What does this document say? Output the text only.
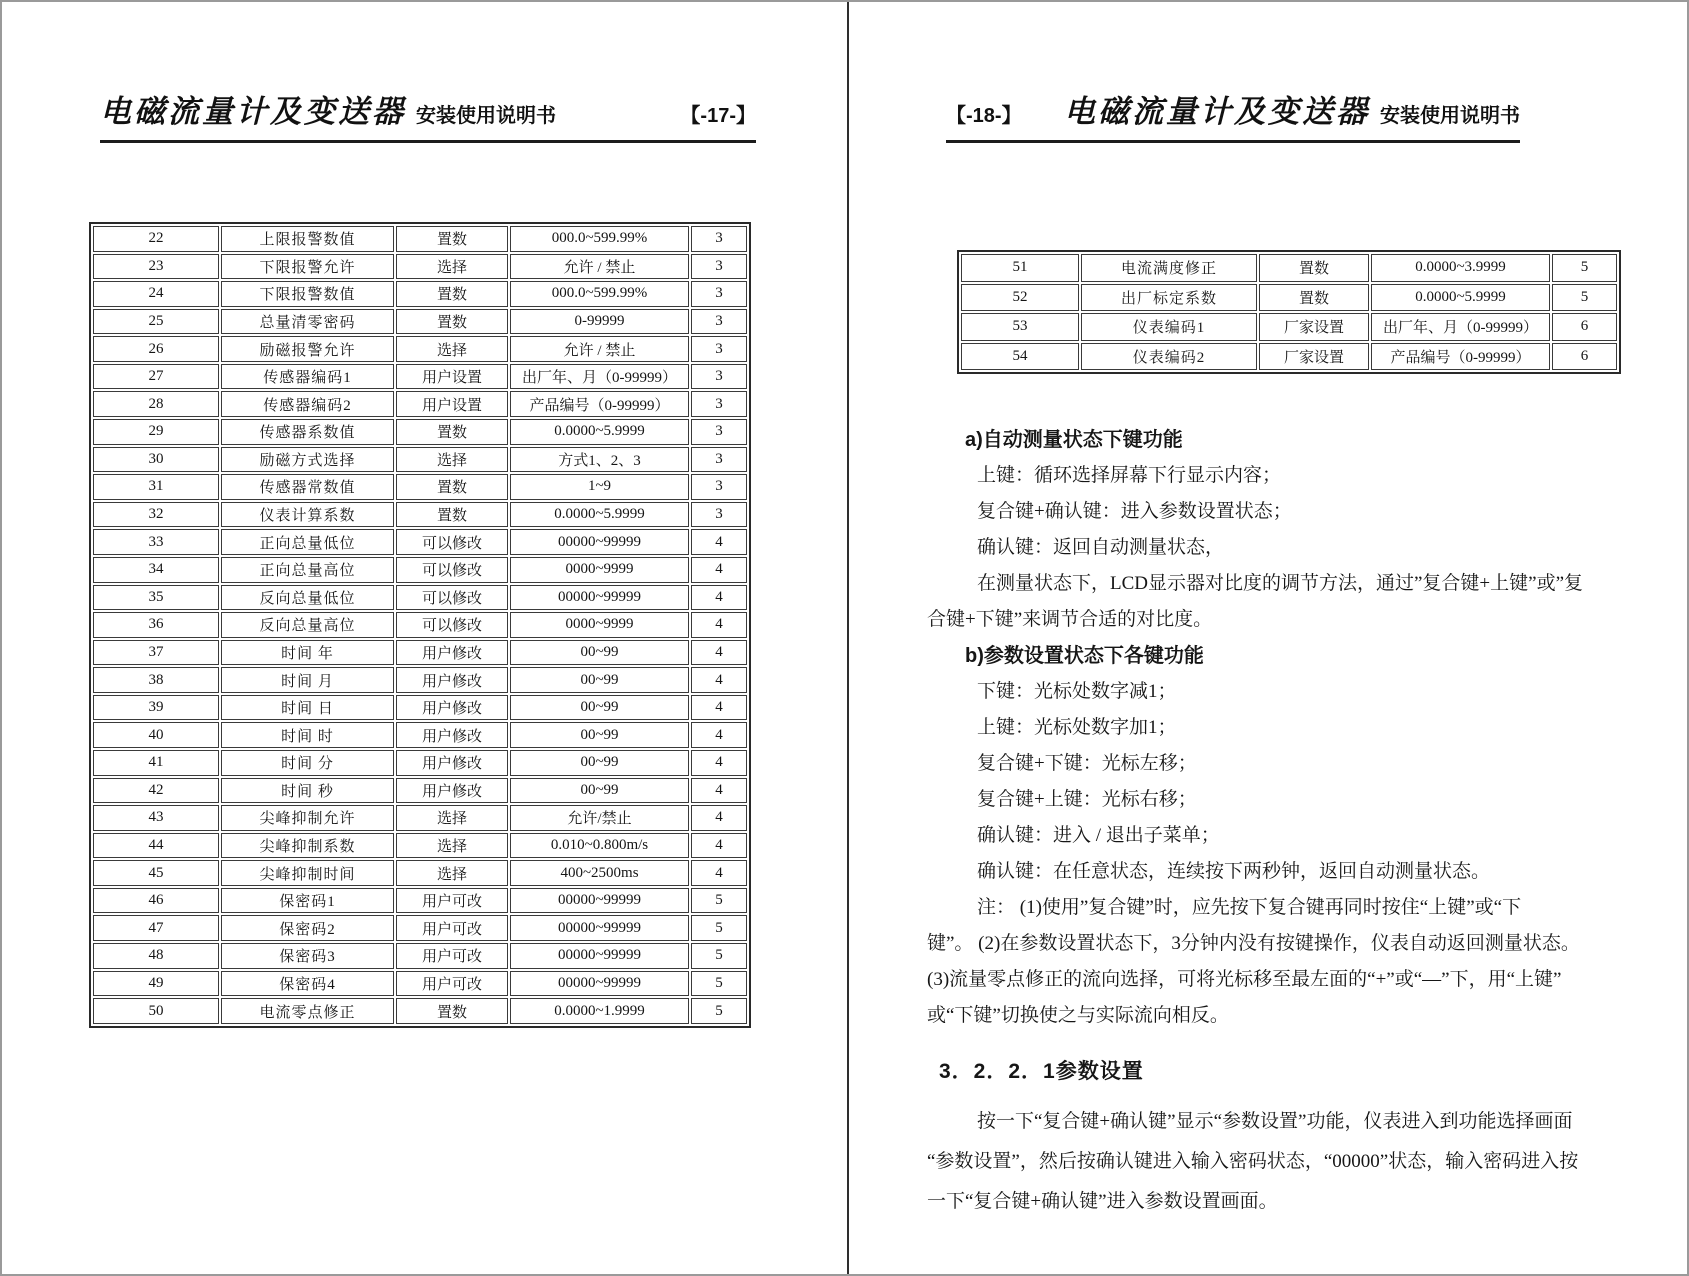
电磁流量计及变送器 安装使用说明书	【-17-】
22	上限报警数值	置数	000.0~599.99%	3
23	下限报警允许	选择	允许 / 禁止	3
24	下限报警数值	置数	000.0~599.99%	3
25	总量清零密码	置数	0-99999	3
26	励磁报警允许	选择	允许 / 禁止	3
27	传感器编码1	用户设置	出厂年、月（0-99999）	3
28	传感器编码2	用户设置	产品编号（0-99999）	3
29	传感器系数值	置数	0.0000~5.9999	3
30	励磁方式选择	选择	方式1、2、3	3
31	传感器常数值	置数	1~9	3
32	仪表计算系数	置数	0.0000~5.9999	3
33	正向总量低位	可以修改	00000~99999	4
34	正向总量高位	可以修改	0000~9999	4
35	反向总量低位	可以修改	00000~99999	4
36	反向总量高位	可以修改	0000~9999	4
37	时间 年	用户修改	00~99	4
38	时间 月	用户修改	00~99	4
39	时间 日	用户修改	00~99	4
40	时间 时	用户修改	00~99	4
41	时间 分	用户修改	00~99	4
42	时间 秒	用户修改	00~99	4
43	尖峰抑制允许	选择	允许/禁止	4
44	尖峰抑制系数	选择	0.010~0.800m/s	4
45	尖峰抑制时间	选择	400~2500ms	4
46	保密码1	用户可改	00000~99999	5
47	保密码2	用户可改	00000~99999	5
48	保密码3	用户可改	00000~99999	5
49	保密码4	用户可改	00000~99999	5
50	电流零点修正	置数	0.0000~1.9999	5
【-18-】 电磁流量计及变送器 安装使用说明书
51	电流满度修正	置数	0.0000~3.9999	5
52	出厂标定系数	置数	0.0000~5.9999	5
53	仪表编码1	厂家设置	出厂年、月（0-99999）	6
54	仪表编码2	厂家设置	产品编号（0-99999）	6
a)自动测量状态下键功能
上键：循环选择屏幕下行显示内容；
复合键+确认键：进入参数设置状态；
确认键：返回自动测量状态，
在测量状态下，LCD显示器对比度的调节方法，通过”复合键+上键”或”复
合键+下键”来调节合适的对比度。
b)参数设置状态下各键功能
下键：光标处数字减1；
上键：光标处数字加1；
复合键+下键：光标左移；
复合键+上键：光标右移；
确认键：进入 / 退出子菜单；
确认键：在任意状态，连续按下两秒钟，返回自动测量状态。
注： (1)使用”复合键”时，应先按下复合键再同时按住“上键”或“下
键”。 (2)在参数设置状态下，3分钟内没有按键操作，仪表自动返回测量状态。
(3)流量零点修正的流向选择，可将光标移至最左面的“+”或“—”下，用“上键”
或“下键”切换使之与实际流向相反。
3．2．2．1参数设置
按一下“复合键+确认键”显示“参数设置”功能，仪表进入到功能选择画面
“参数设置”，然后按确认键进入输入密码状态，“00000”状态，输入密码进入按
一下“复合键+确认键”进入参数设置画面。
